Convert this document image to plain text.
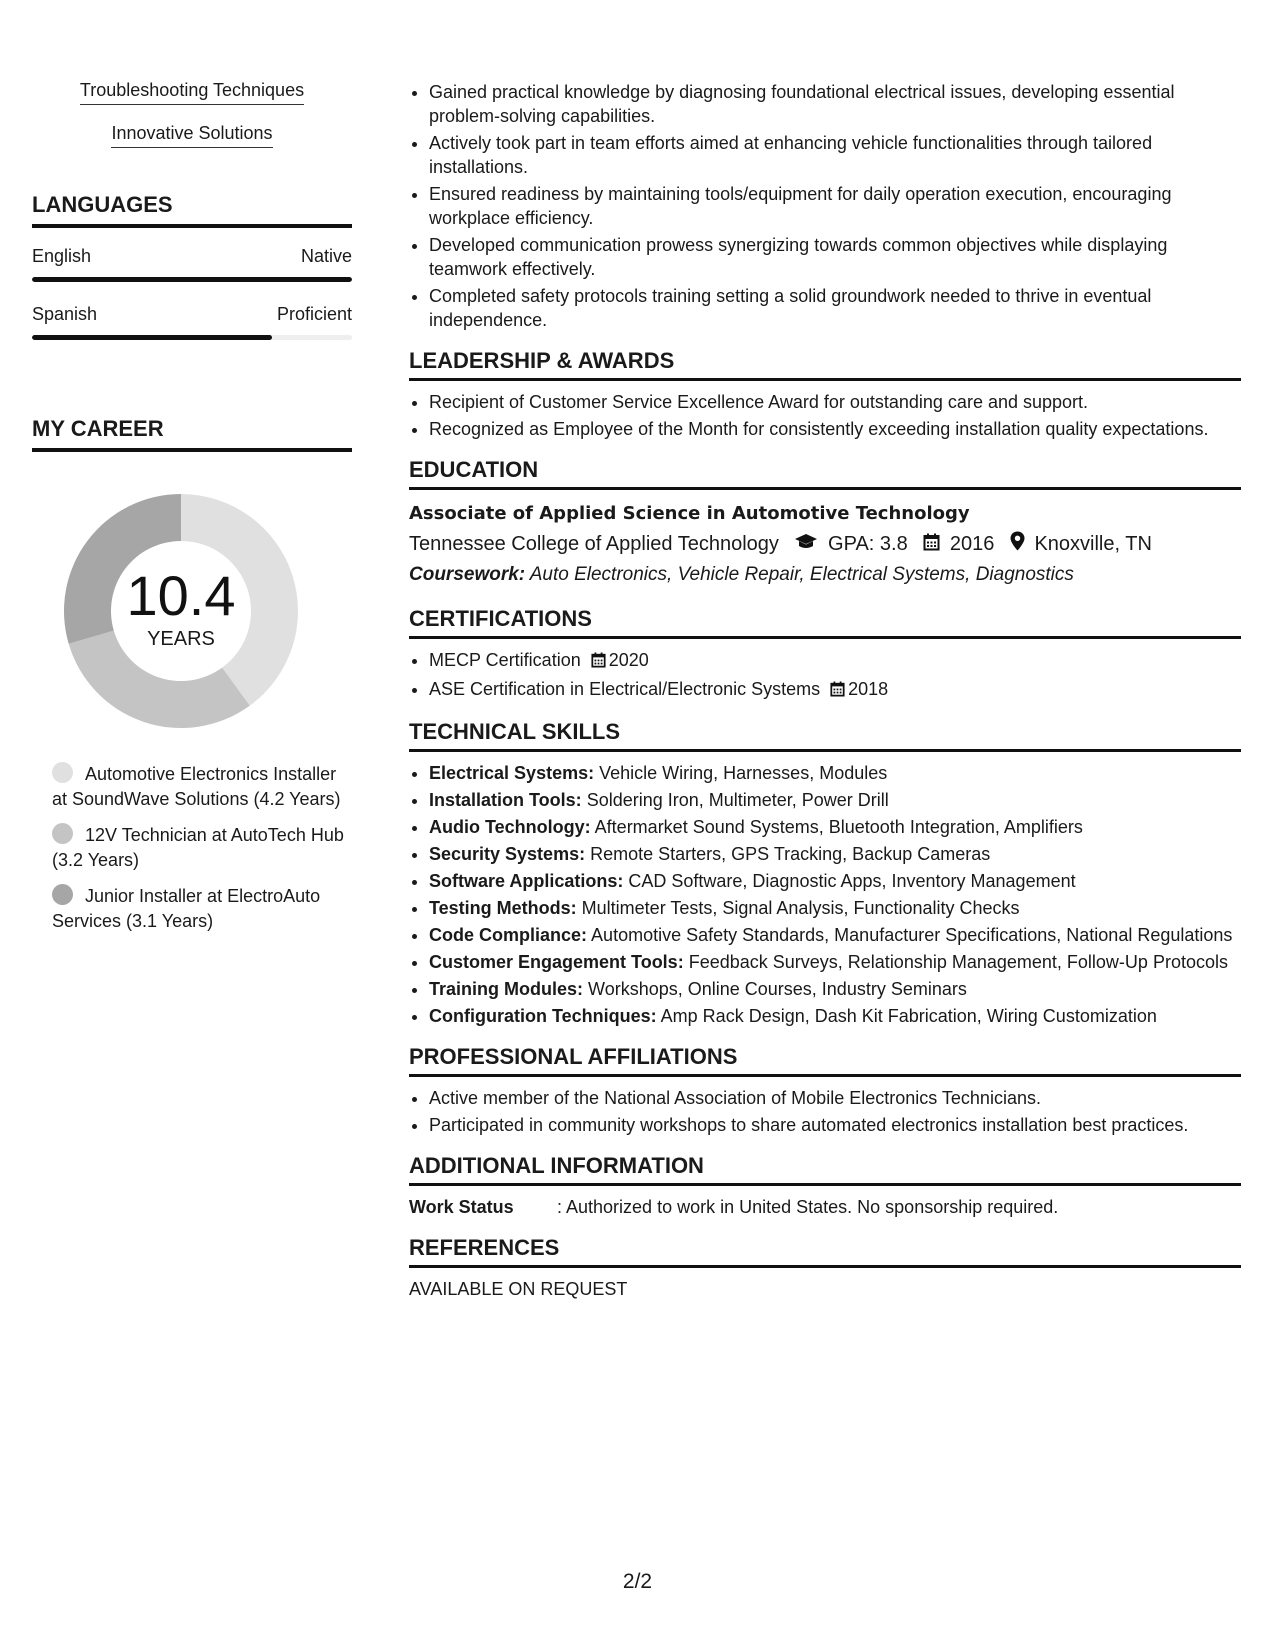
Troubleshooting Techniques
Innovative Solutions
LANGUAGES
English	Native
Spanish	Proficient
MY CAREER
10.4
YEARS
Automotive Electronics Installer at SoundWave Solutions (4.2 Years)
12V Technician at AutoTech Hub (3.2 Years)
Junior Installer at ElectroAuto Services (3.1 Years)
• Gained practical knowledge by diagnosing foundational electrical issues, developing essential problem-solving capabilities.
• Actively took part in team efforts aimed at enhancing vehicle functionalities through tailored installations.
• Ensured readiness by maintaining tools/equipment for daily operation execution, encouraging workplace efficiency.
• Developed communication prowess synergizing towards common objectives while displaying teamwork effectively.
• Completed safety protocols training setting a solid groundwork needed to thrive in eventual independence.
LEADERSHIP & AWARDS
• Recipient of Customer Service Excellence Award for outstanding care and support.
• Recognized as Employee of the Month for consistently exceeding installation quality expectations.
EDUCATION
Associate of Applied Science in Automotive Technology
Tennessee College of Applied Technology GPA: 3.8 2016 Knoxville, TN
Coursework: Auto Electronics, Vehicle Repair, Electrical Systems, Diagnostics
CERTIFICATIONS
• MECP Certification 2020
• ASE Certification in Electrical/Electronic Systems 2018
TECHNICAL SKILLS
• Electrical Systems: Vehicle Wiring, Harnesses, Modules
• Installation Tools: Soldering Iron, Multimeter, Power Drill
• Audio Technology: Aftermarket Sound Systems, Bluetooth Integration, Amplifiers
• Security Systems: Remote Starters, GPS Tracking, Backup Cameras
• Software Applications: CAD Software, Diagnostic Apps, Inventory Management
• Testing Methods: Multimeter Tests, Signal Analysis, Functionality Checks
• Code Compliance: Automotive Safety Standards, Manufacturer Specifications, National Regulations
• Customer Engagement Tools: Feedback Surveys, Relationship Management, Follow-Up Protocols
• Training Modules: Workshops, Online Courses, Industry Seminars
• Configuration Techniques: Amp Rack Design, Dash Kit Fabrication, Wiring Customization
PROFESSIONAL AFFILIATIONS
• Active member of the National Association of Mobile Electronics Technicians.
• Participated in community workshops to share automated electronics installation best practices.
ADDITIONAL INFORMATION
Work Status : Authorized to work in United States. No sponsorship required.
REFERENCES
AVAILABLE ON REQUEST
2/2
